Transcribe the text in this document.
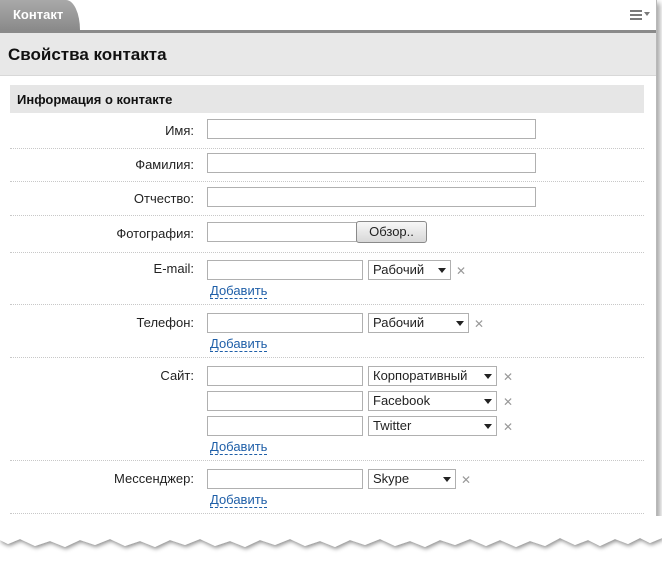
Контакт
Свойства контакта
Информация о контакте
Имя:
Фамилия:
Отчество:
Фотография:	Обзор..
E-mail:	Рабочий	✕
Добавить
Телефон:	Рабочий	✕
Добавить
Сайт:	Корпоративный	✕
Facebook	✕
Twitter	✕
Добавить
Мессенджер:	Skype	✕
Добавить
(Введите название компании)
